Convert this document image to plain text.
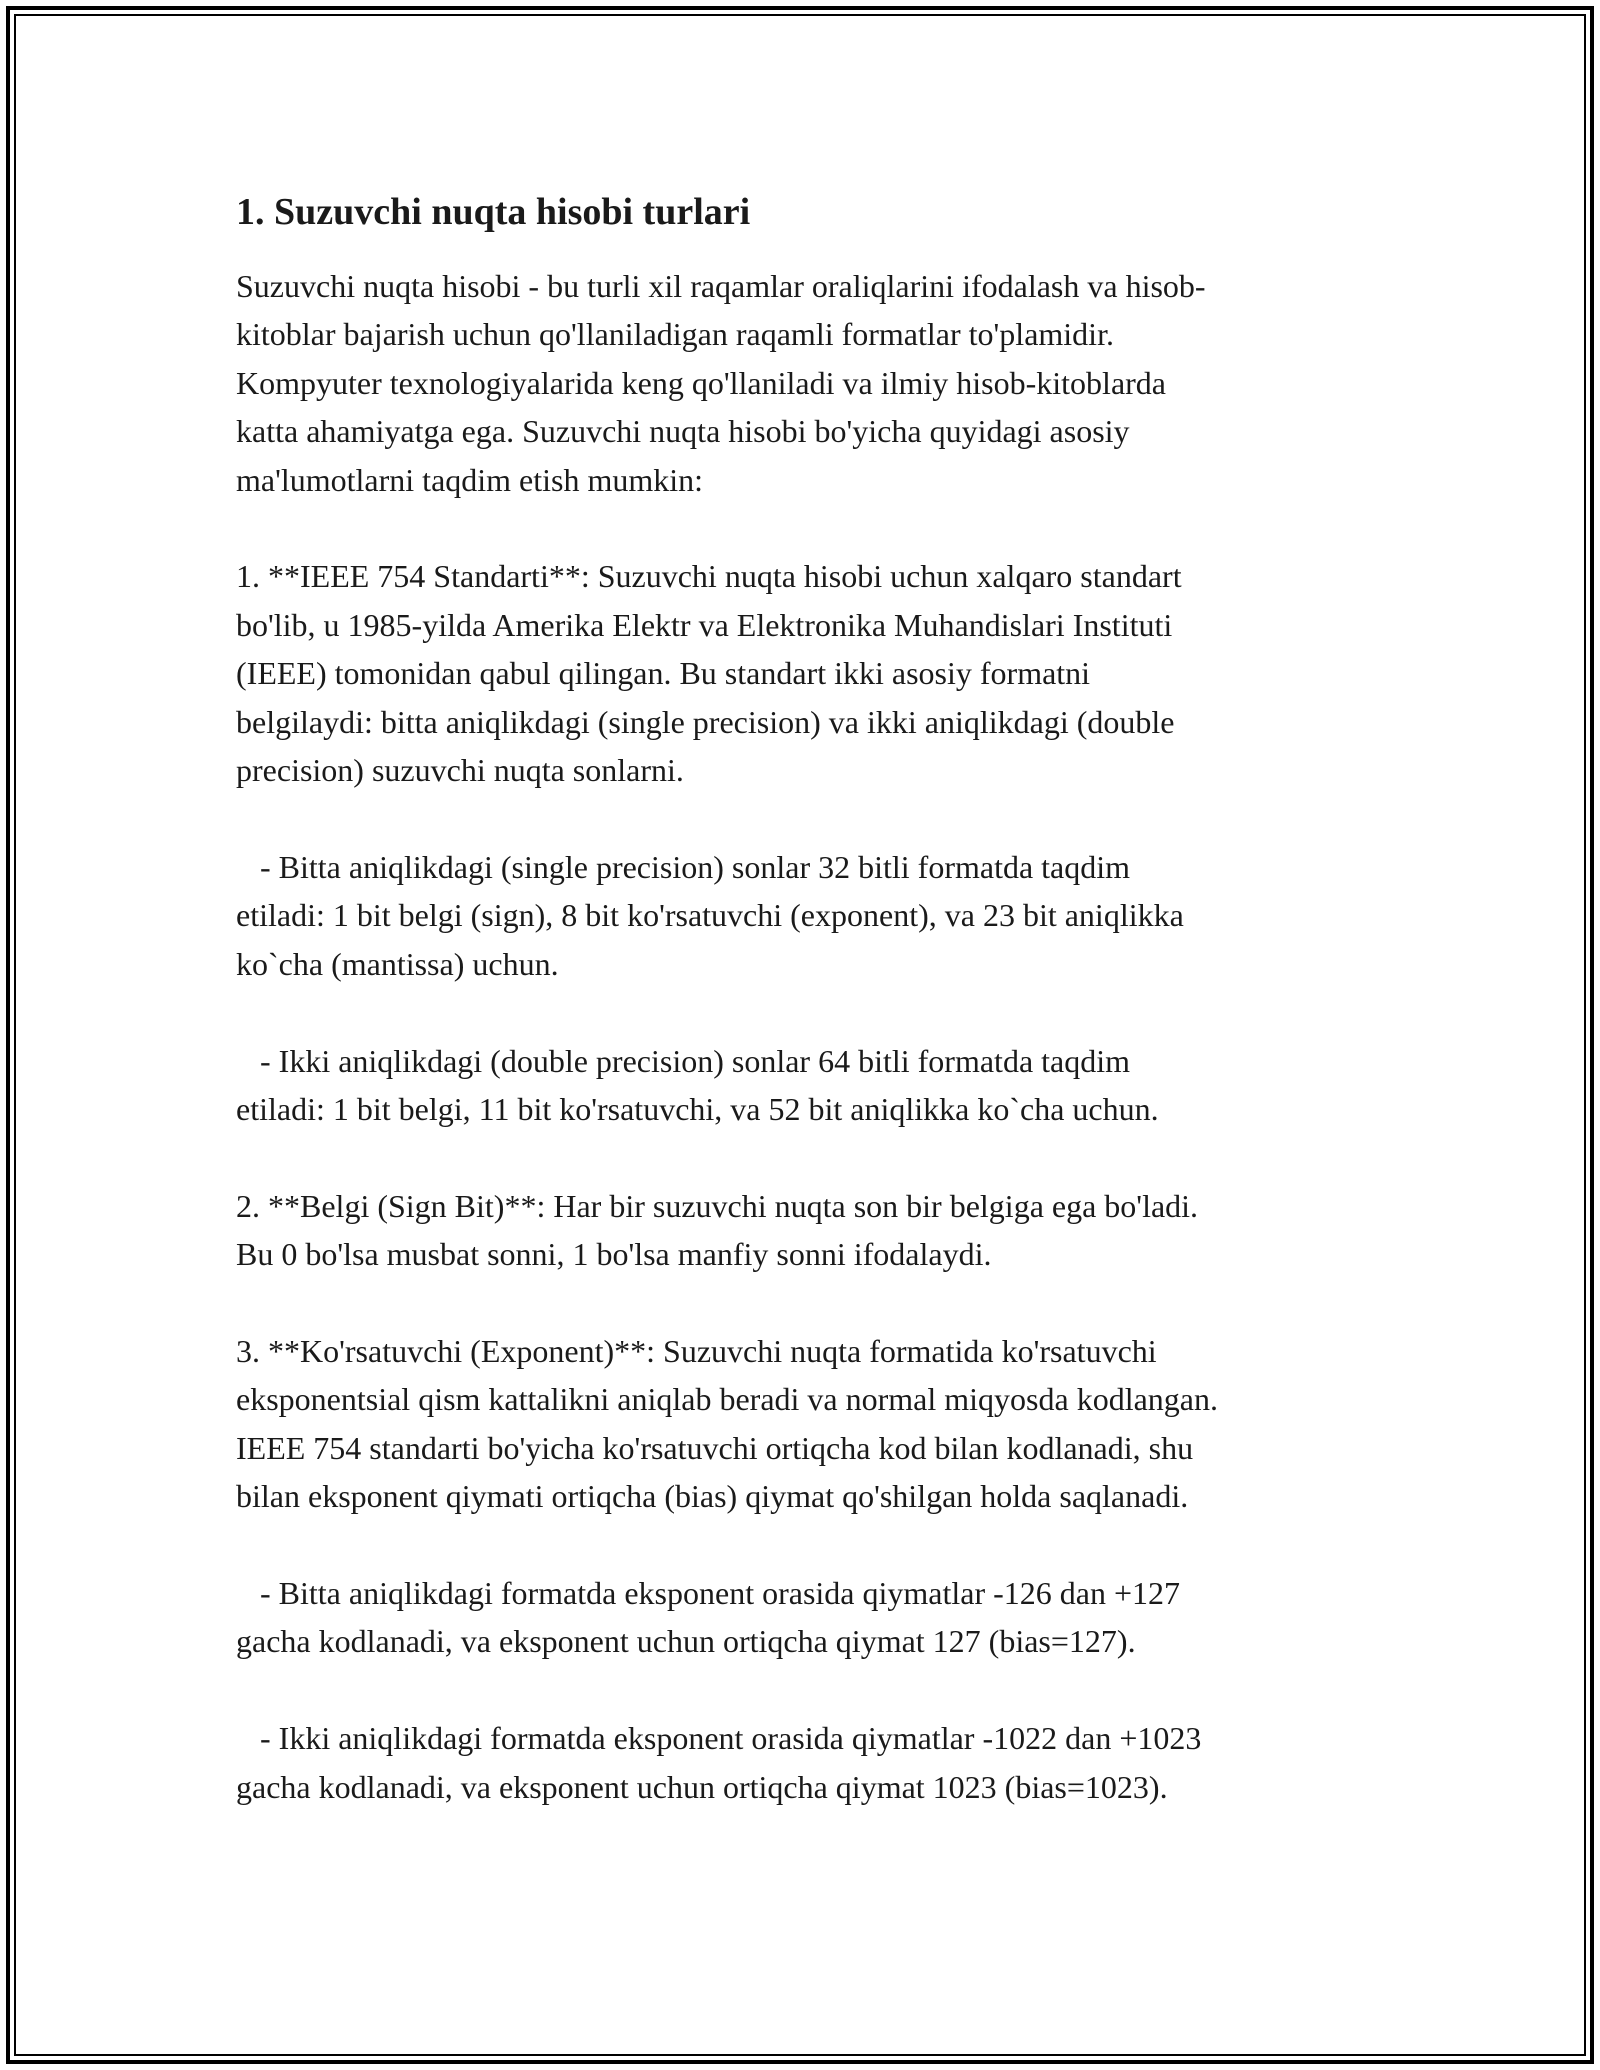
1. Suzuvchi nuqta hisobi turlari

Suzuvchi nuqta hisobi - bu turli xil raqamlar oraliqlarini ifodalash va hisob-
kitoblar bajarish uchun qo'llaniladigan raqamli formatlar to'plamidir.
Kompyuter texnologiyalarida keng qo'llaniladi va ilmiy hisob-kitoblarda
katta ahamiyatga ega. Suzuvchi nuqta hisobi bo'yicha quyidagi asosiy
ma'lumotlarni taqdim etish mumkin:

1. **IEEE 754 Standarti**: Suzuvchi nuqta hisobi uchun xalqaro standart
bo'lib, u 1985-yilda Amerika Elektr va Elektronika Muhandislari Instituti
(IEEE) tomonidan qabul qilingan. Bu standart ikki asosiy formatni
belgilaydi: bitta aniqlikdagi (single precision) va ikki aniqlikdagi (double
precision) suzuvchi nuqta sonlarni.

- Bitta aniqlikdagi (single precision) sonlar 32 bitli formatda taqdim
etiladi: 1 bit belgi (sign), 8 bit ko'rsatuvchi (exponent), va 23 bit aniqlikka
ko`cha (mantissa) uchun.

- Ikki aniqlikdagi (double precision) sonlar 64 bitli formatda taqdim
etiladi: 1 bit belgi, 11 bit ko'rsatuvchi, va 52 bit aniqlikka ko`cha uchun.

2. **Belgi (Sign Bit)**: Har bir suzuvchi nuqta son bir belgiga ega bo'ladi.
Bu 0 bo'lsa musbat sonni, 1 bo'lsa manfiy sonni ifodalaydi.

3. **Ko'rsatuvchi (Exponent)**: Suzuvchi nuqta formatida ko'rsatuvchi
eksponentsial qism kattalikni aniqlab beradi va normal miqyosda kodlangan.
IEEE 754 standarti bo'yicha ko'rsatuvchi ortiqcha kod bilan kodlanadi, shu
bilan eksponent qiymati ortiqcha (bias) qiymat qo'shilgan holda saqlanadi.

- Bitta aniqlikdagi formatda eksponent orasida qiymatlar -126 dan +127
gacha kodlanadi, va eksponent uchun ortiqcha qiymat 127 (bias=127).

- Ikki aniqlikdagi formatda eksponent orasida qiymatlar -1022 dan +1023
gacha kodlanadi, va eksponent uchun ortiqcha qiymat 1023 (bias=1023).
